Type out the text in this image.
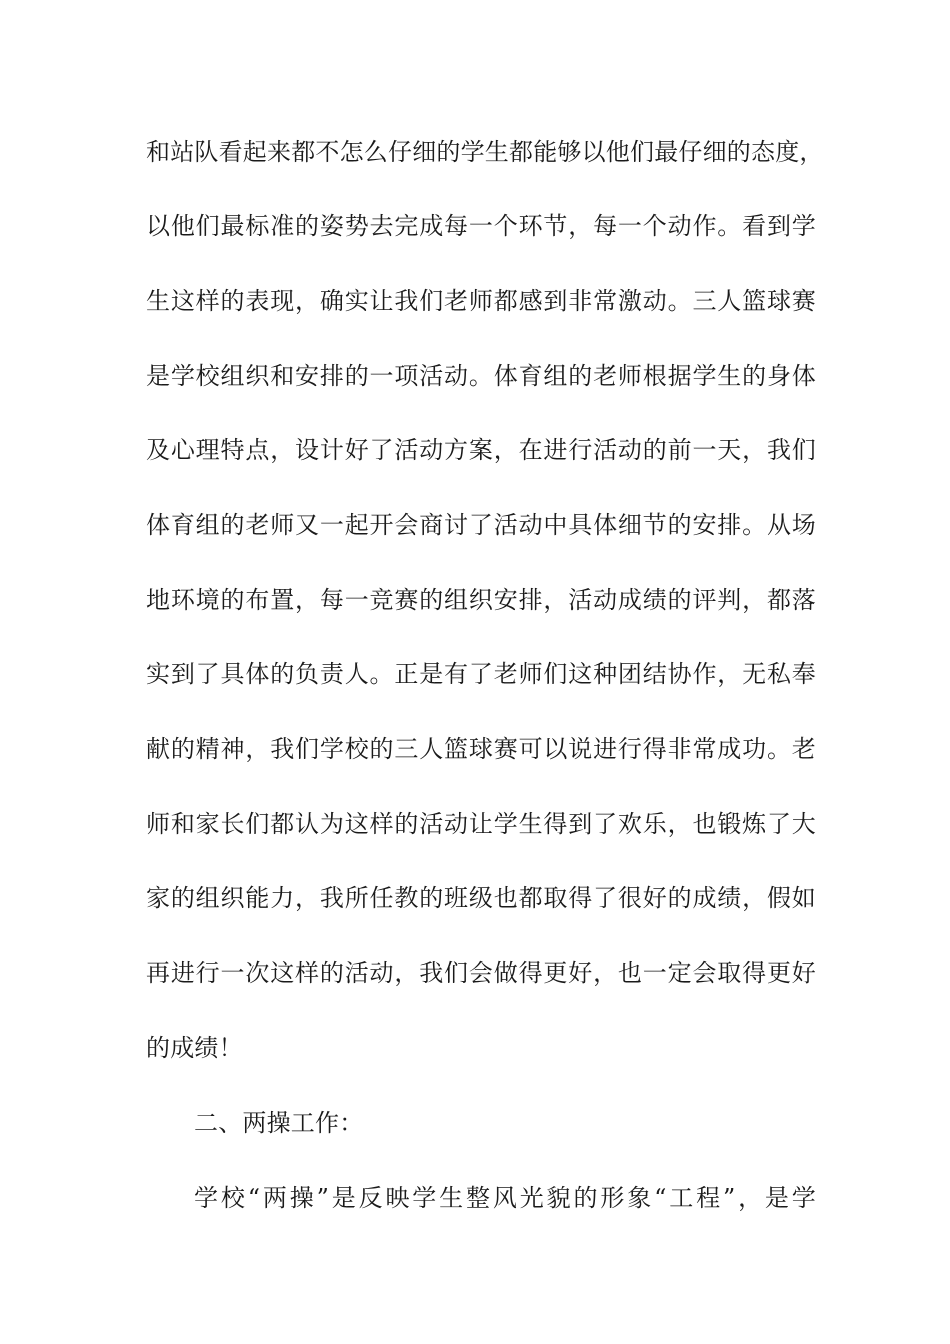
和站队看起来都不怎么仔细的学生都能够以他们最仔细的态度，
以他们最标准的姿势去完成每一个环节，每一个动作。看到学
生这样的表现，确实让我们老师都感到非常激动。三人篮球赛
是学校组织和安排的一项活动。体育组的老师根据学生的身体
及心理特点，设计好了活动方案，在进行活动的前一天，我们
体育组的老师又一起开会商讨了活动中具体细节的安排。从场
地环境的布置，每一竞赛的组织安排，活动成绩的评判，都落
实到了具体的负责人。正是有了老师们这种团结协作，无私奉
献的精神，我们学校的三人篮球赛可以说进行得非常成功。老
师和家长们都认为这样的活动让学生得到了欢乐，也锻炼了大
家的组织能力，我所任教的班级也都取得了很好的成绩，假如
再进行一次这样的活动，我们会做得更好，也一定会取得更好
的成绩！
二、两操工作：
学校“两操”是反映学生整风光貌的形象“工程”，是学
